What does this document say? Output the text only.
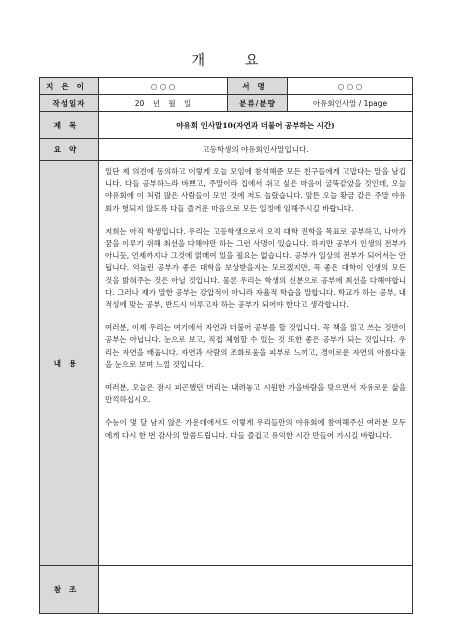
개요
지은이	○ ○ ○	서명	○ ○ ○
작성일자	20 년 월 일	분류/분량	아유회인사말 / 1page
제목	야유회 인사말10(자연과 더불어 공부하는 시간)		
요약	고등학생의 야유회인사말입니다.		
내용	일단 제 의견에 동의하고 이렇게 오늘 모임에 참석해준 모든 친구들에게 고맙다는 말을 남깁니다. 다들 공부하느라 바쁘고, 주말이라 집에서 쉬고 싶은 마음이 굴뚝같았을 것인데, 오늘 야유회에 이 처럼 많은 사람들이 모인 것에 저도 놀랐습니다. 앞튼 오늘 황금 같은 주말 야유회가 헛되지 않도록 다들 즐거운 마음으로 모든 일정에 임해주시길 바랍니다.

저희는 아직 학생입니다. 우리는 고등학생으로서 오직 대학 진학을 목표로 공부하고, 나아가 꿈을 이루기 위해 최선을 다해야만 하는 그런 사명이 있습니다. 하지만 공부가 인생의 전부가 아니듯, 언제까지나 그것에 얽매여 있을 필요는 없습니다. 공부가 일상의 전부가 되어서는 안 됩니다. 억눌린 공부가 좋은 대학을 보상받을지는 모르겠지만, 꼭 좋은 대학이 인생의 모든 것을 밝혀주는 것은 아닐 것입니다. 물론 우리는 학생의 신분으로 공부에 최선을 다해야합니다. 그러나 제가 말한 공부는 강압적이 아니라 자율적 학습을 말합니다. 학교가 하는 공부, 내 적성에 맞는 공부, 반드시 이루고자 하는 공부가 되어야 한다고 생각합니다.

여러분, 이제 우리는 여기에서 자연과 더불어 공부를 할 것입니다. 꼭 책을 읽고 쓰는 것만이 공부는 아닙니다. 눈으로 보고, 직접 체험할 수 있는 것 또한 좋은 공부가 되는 것입니다. 우리는 자연을 배웁니다. 자연과 사람의 조화로움을 피부로 느끼고, 경이로운 자연의 아름다움을 눈으로 보며 느낄 것입니다.

여러분, 오늘은 잠시 피곤했던 머리는 내려놓고 시원한 가을바람을 맞으면서 자유로운 삶을 만끽하십시오.

수능이 몇 달 남지 않은 가운데에서도 이렇게 우리들만의 야유회에 참여해주신 여러분 모두에게 다시 한 번 감사의 말씀드립니다. 다들 즐겁고 유익한 시간 만들어 가시길 바랍니다.		

참조			
